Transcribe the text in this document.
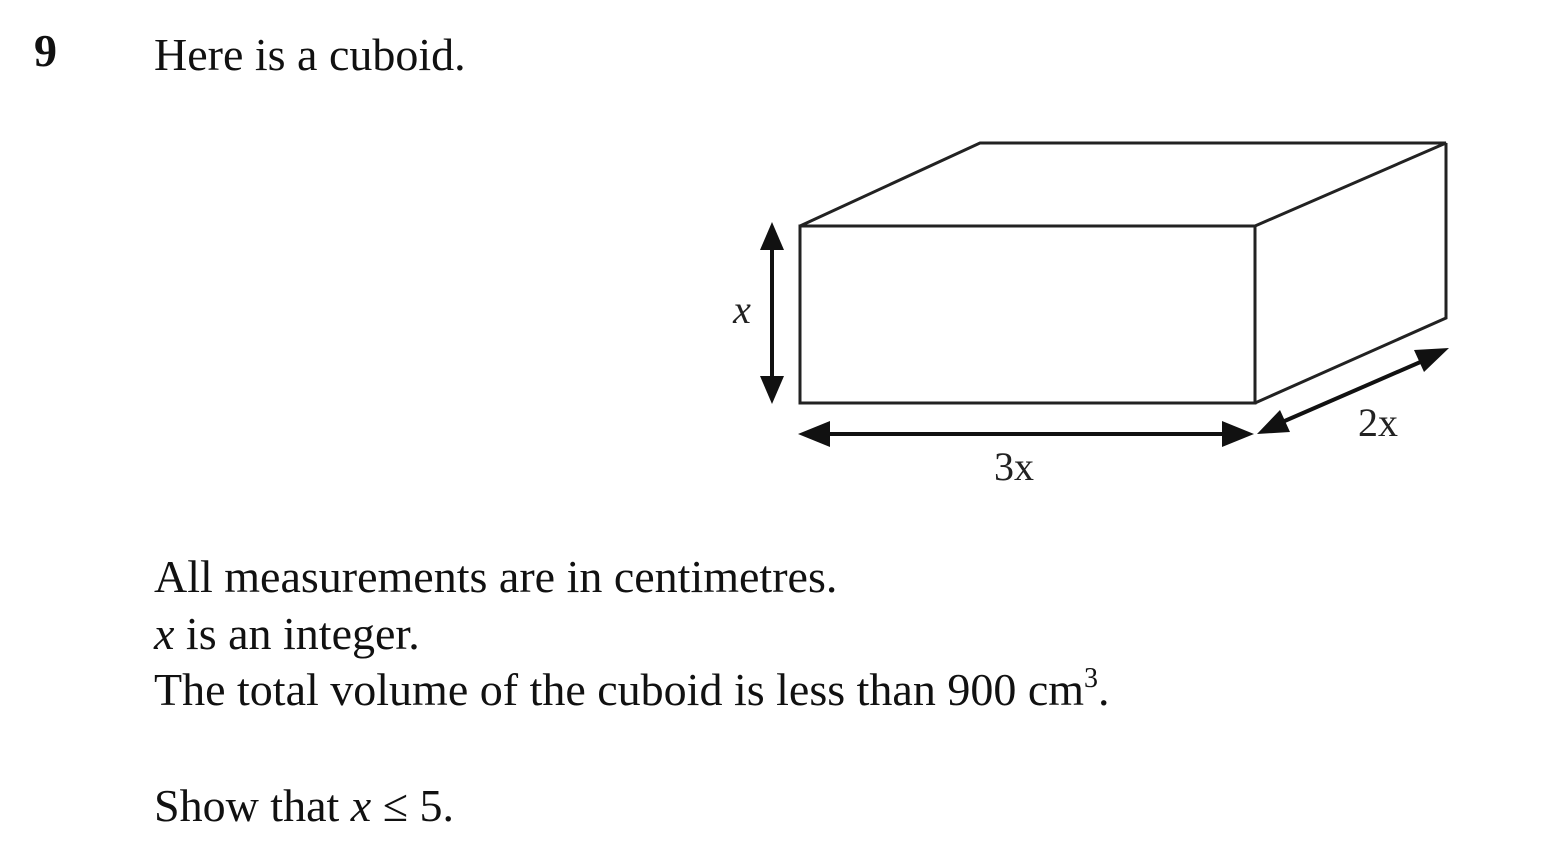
9 Here is a cuboid.
x
3x
2x
All measurements are in centimetres.
x is an integer.
The total volume of the cuboid is less than 900 $cm^3$.
Show that x ≤ 5.
